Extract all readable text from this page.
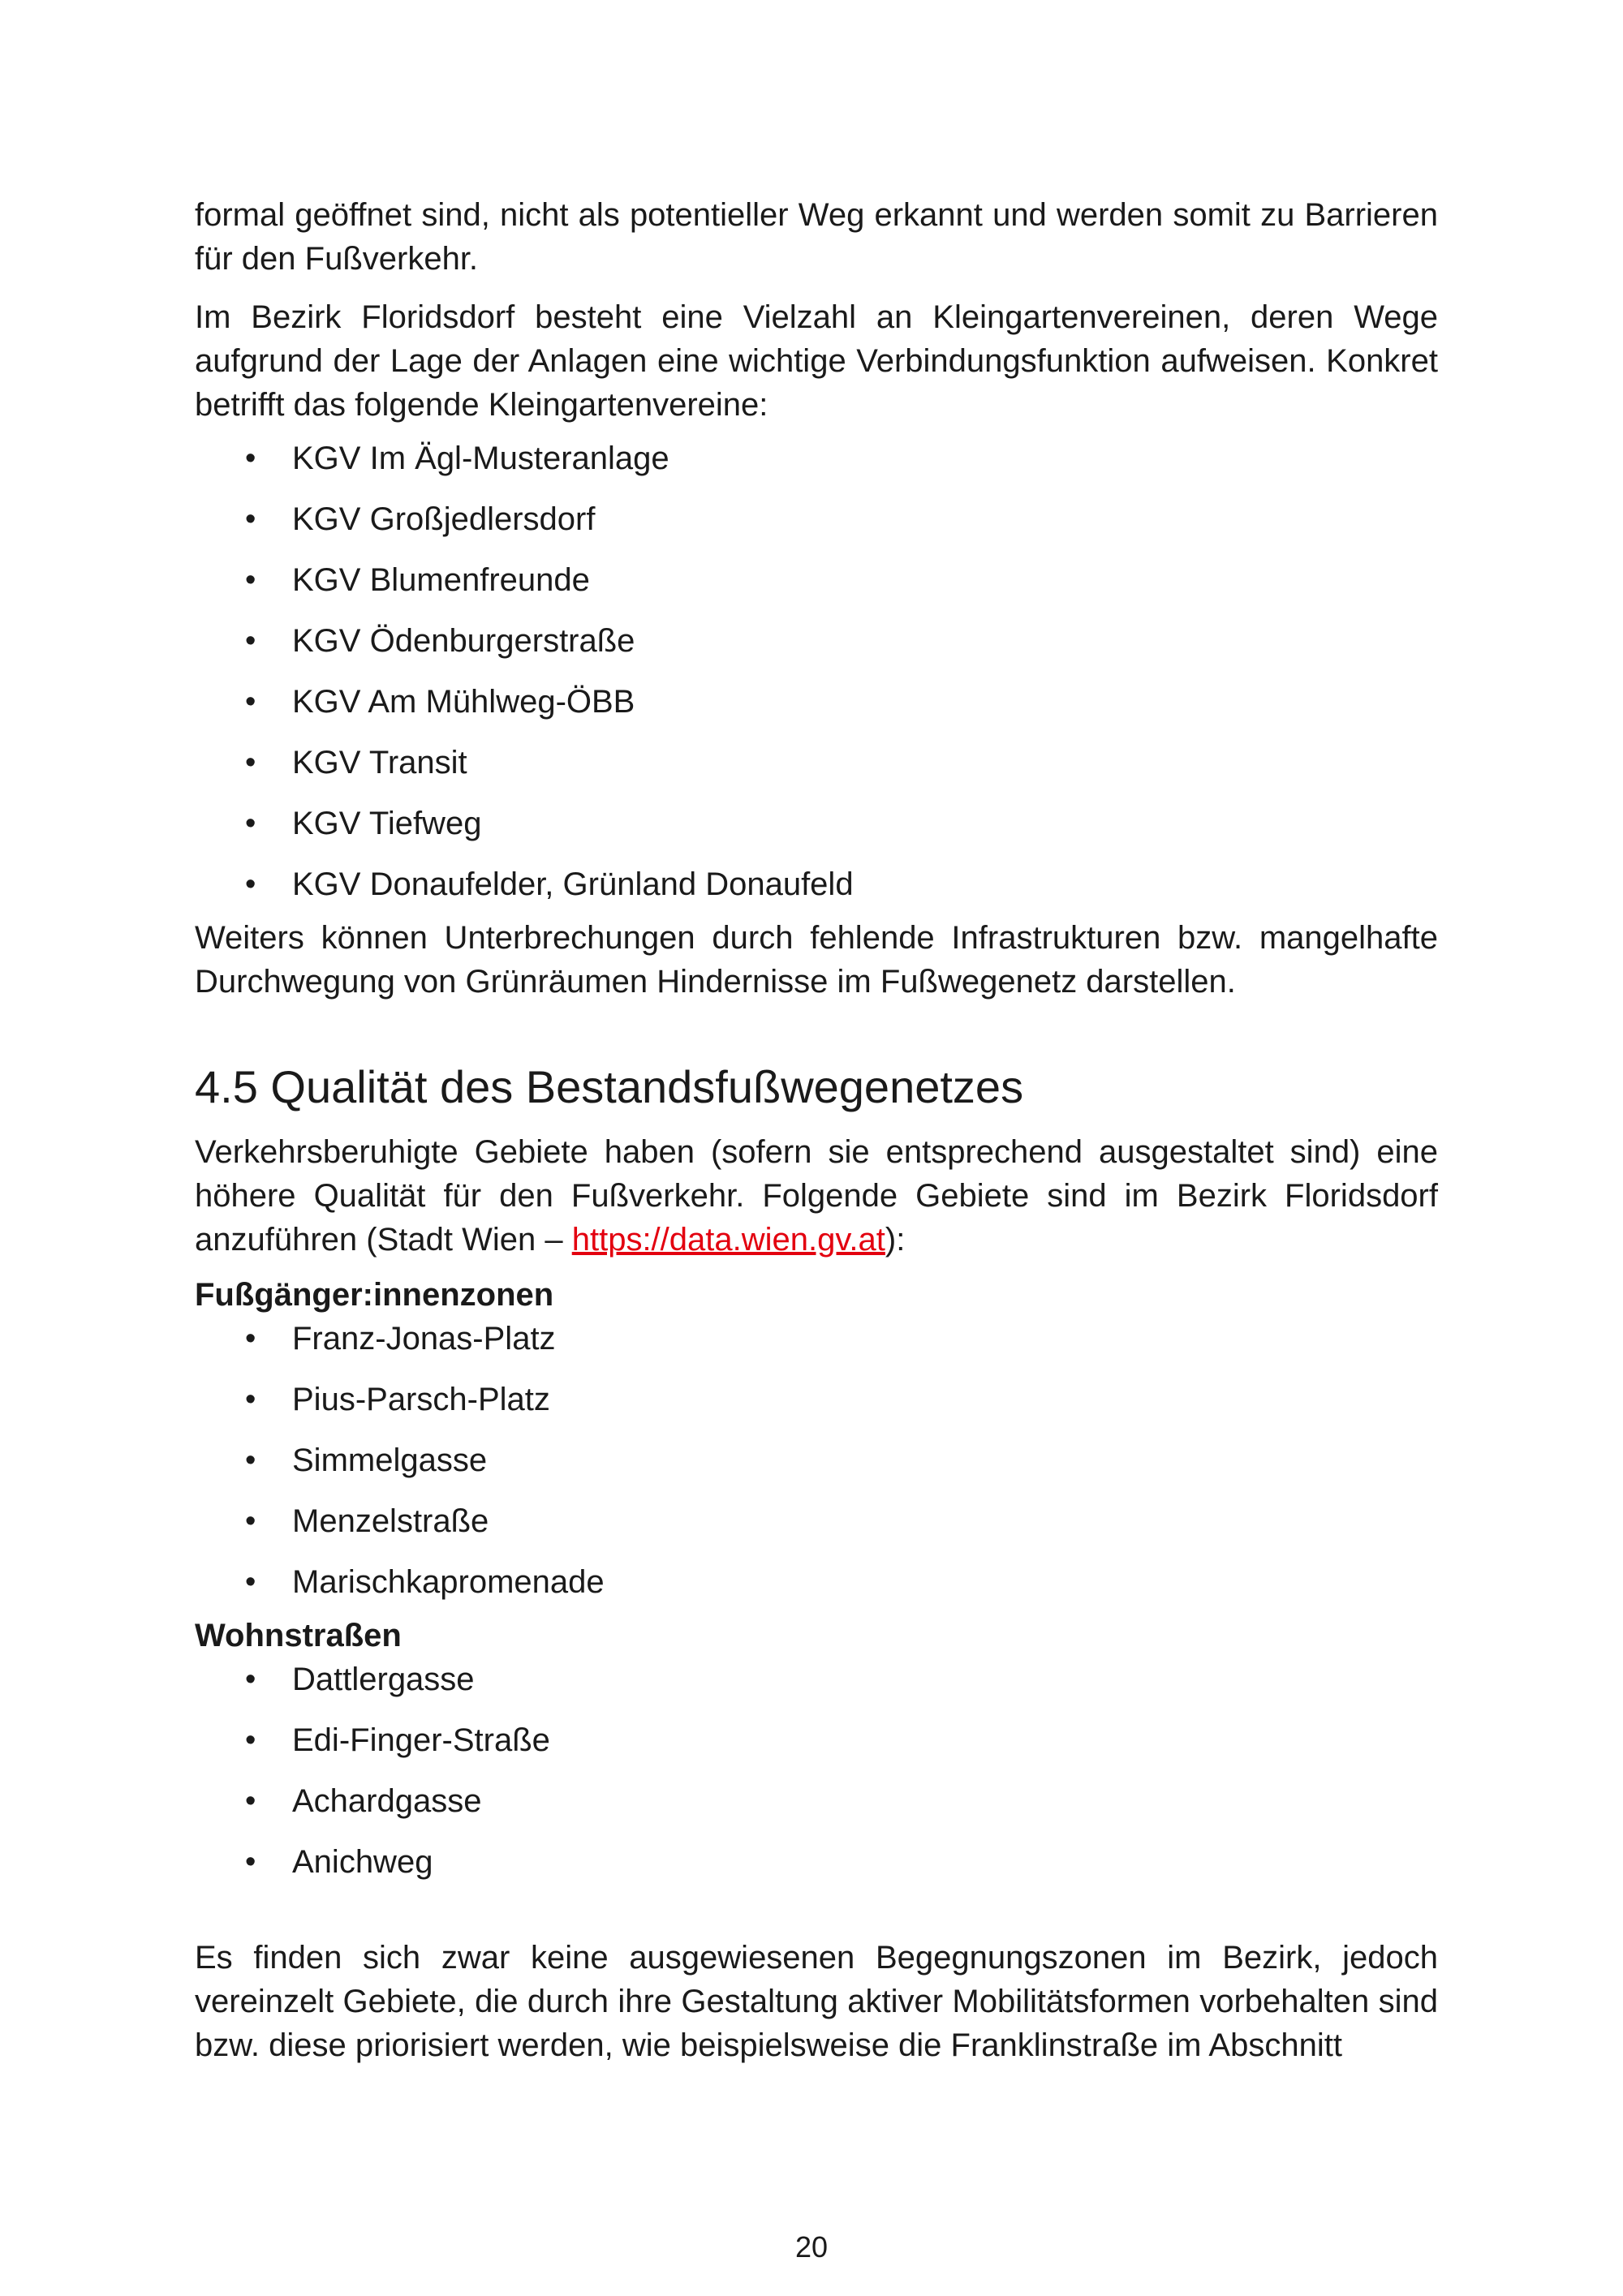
formal geöffnet sind, nicht als potentieller Weg erkannt und werden somit zu Barrieren für den Fußverkehr.

Im Bezirk Floridsdorf besteht eine Vielzahl an Kleingartenvereinen, deren Wege aufgrund der Lage der Anlagen eine wichtige Verbindungsfunktion aufweisen. Konkret betrifft das folgende Kleingartenvereine:

• KGV Im Ägl-Musteranlage
• KGV Großjedlersdorf
• KGV Blumenfreunde
• KGV Ödenburgerstraße
• KGV Am Mühlweg-ÖBB
• KGV Transit
• KGV Tiefweg
• KGV Donaufelder, Grünland Donaufeld

Weiters können Unterbrechungen durch fehlende Infrastrukturen bzw. mangelhafte Durchwegung von Grünräumen Hindernisse im Fußwegenetz darstellen.

4.5 Qualität des Bestandsfußwegenetzes

Verkehrsberuhigte Gebiete haben (sofern sie entsprechend ausgestaltet sind) eine höhere Qualität für den Fußverkehr. Folgende Gebiete sind im Bezirk Floridsdorf anzuführen (Stadt Wien – https://data.wien.gv.at):

Fußgänger:innenzonen
• Franz-Jonas-Platz
• Pius-Parsch-Platz
• Simmelgasse
• Menzelstraße
• Marischkapromenade
Wohnstraßen
• Dattlergasse
• Edi-Finger-Straße
• Achardgasse
• Anichweg

Es finden sich zwar keine ausgewiesenen Begegnungszonen im Bezirk, jedoch vereinzelt Gebiete, die durch ihre Gestaltung aktiver Mobilitätsformen vorbehalten sind bzw. diese priorisiert werden, wie beispielsweise die Franklinstraße im Abschnitt

20
